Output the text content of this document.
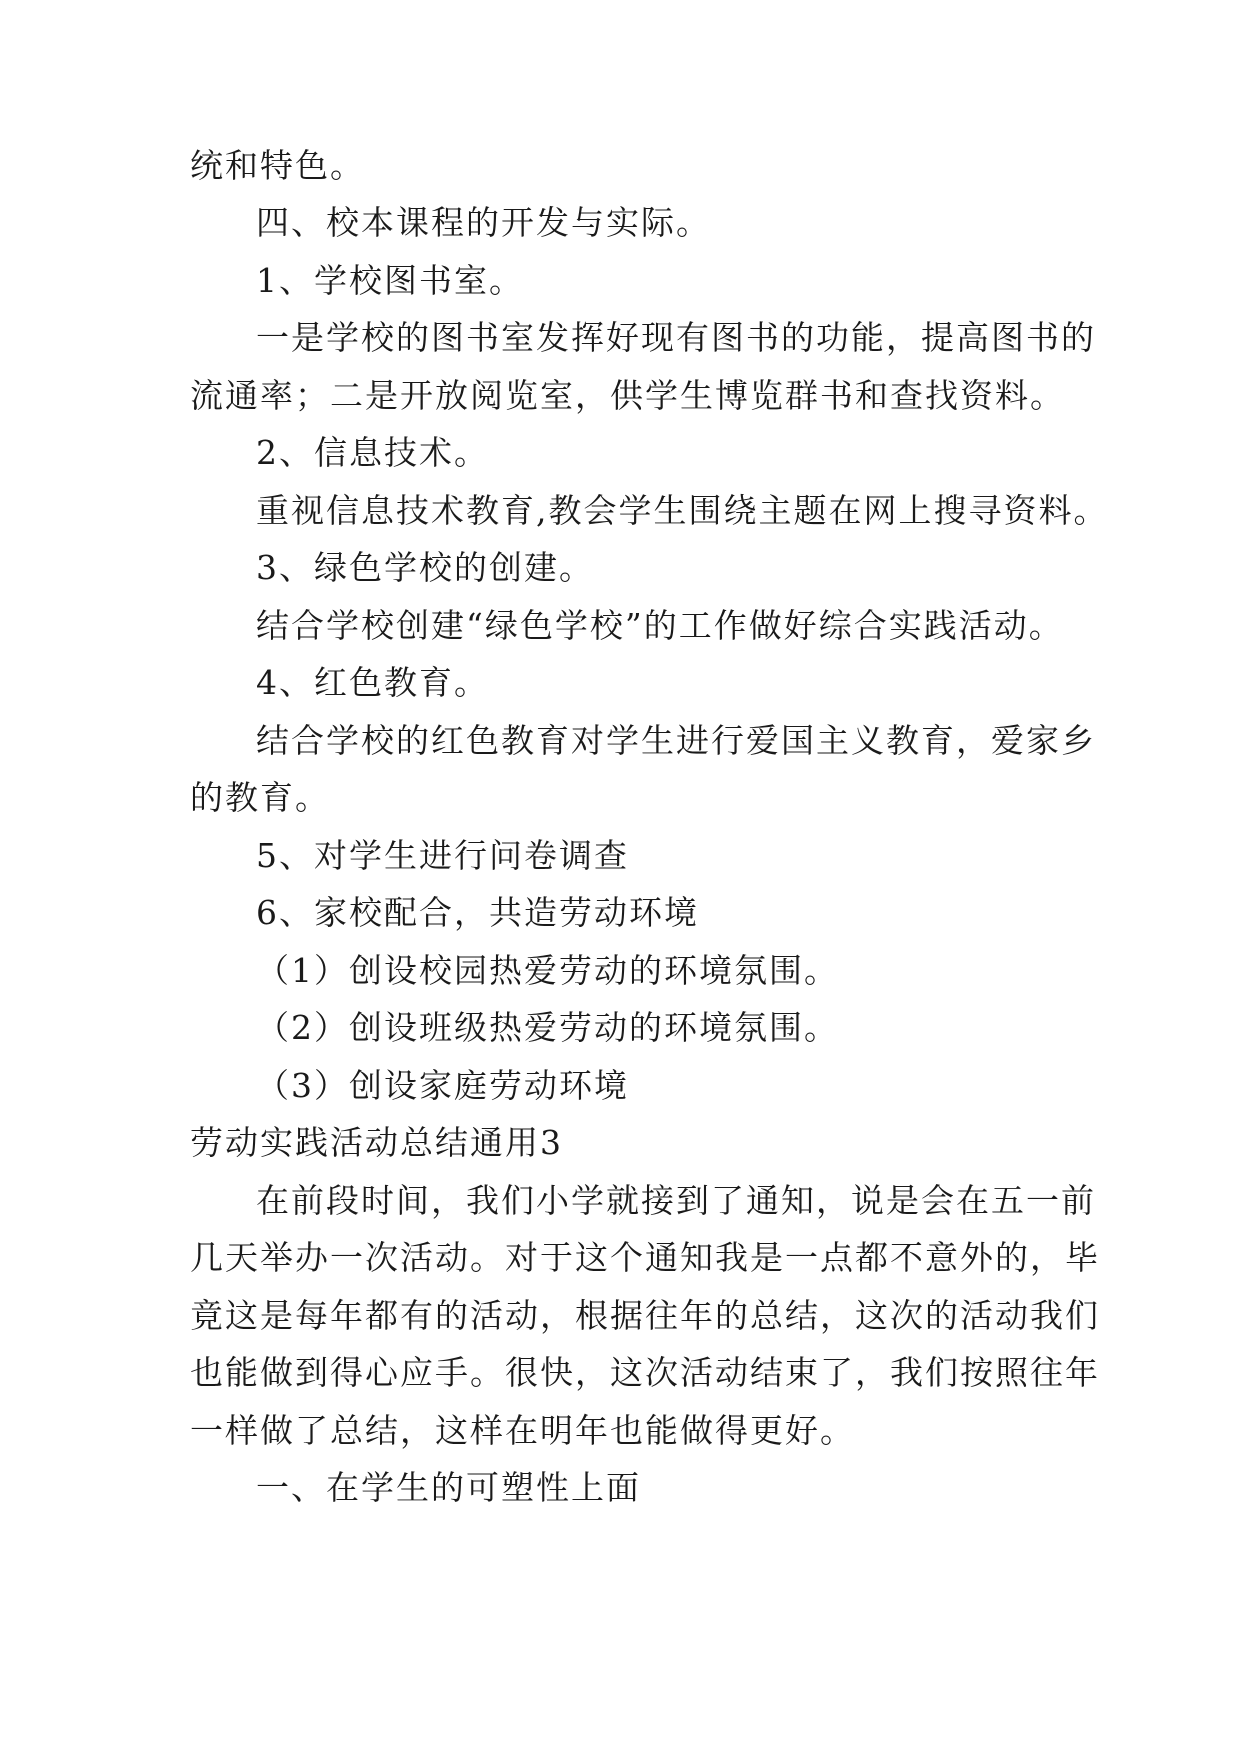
统和特色。
四、校本课程的开发与实际。
1、学校图书室。
一是学校的图书室发挥好现有图书的功能，提高图书的
流通率；二是开放阅览室，供学生博览群书和查找资料。
2、信息技术。
重视信息技术教育,教会学生围绕主题在网上搜寻资料。
3、绿色学校的创建。
结合学校创建“绿色学校”的工作做好综合实践活动。
4、红色教育。
结合学校的红色教育对学生进行爱国主义教育，爱家乡
的教育。
5、对学生进行问卷调查
6、家校配合，共造劳动环境
（1）创设校园热爱劳动的环境氛围。
（2）创设班级热爱劳动的环境氛围。
（3）创设家庭劳动环境
劳动实践活动总结通用3
在前段时间，我们小学就接到了通知，说是会在五一前
几天举办一次活动。对于这个通知我是一点都不意外的，毕
竟这是每年都有的活动，根据往年的总结，这次的活动我们
也能做到得心应手。很快，这次活动结束了，我们按照往年
一样做了总结，这样在明年也能做得更好。
一、在学生的可塑性上面
